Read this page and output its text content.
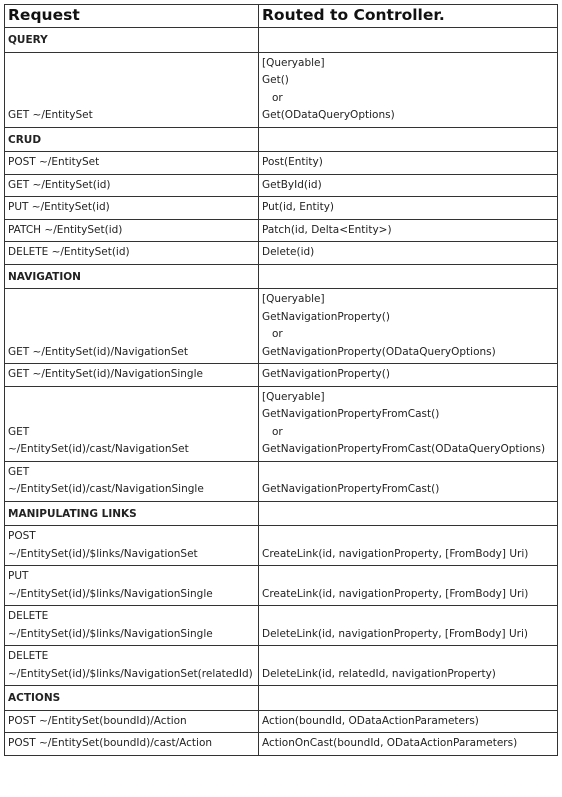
Request	Routed to Controller.
QUERY	

GET ~/EntitySet	[Queryable]
Get()
or
Get(ODataQueryOptions)

CRUD	

POST ~/EntitySet	Post(Entity)

GET ~/EntitySet(id)	GetById(id)

PUT ~/EntitySet(id)	Put(id, Entity)

PATCH ~/EntitySet(id)	Patch(id, Delta<Entity>)

DELETE ~/EntitySet(id)	Delete(id)

NAVIGATION	

GET ~/EntitySet(id)/NavigationSet	[Queryable]
GetNavigationProperty()
or
GetNavigationProperty(ODataQueryOptions)

GET ~/EntitySet(id)/NavigationSingle	GetNavigationProperty()

GET
~/EntitySet(id)/cast/NavigationSet	[Queryable]
GetNavigationPropertyFromCast()
or
GetNavigationPropertyFromCast(ODataQueryOptions)

GET
~/EntitySet(id)/cast/NavigationSingle	GetNavigationPropertyFromCast()

MANIPULATING LINKS	

POST
~/EntitySet(id)/$links/NavigationSet	CreateLink(id, navigationProperty, [FromBody] Uri)

PUT
~/EntitySet(id)/$links/NavigationSingle	CreateLink(id, navigationProperty, [FromBody] Uri)

DELETE
~/EntitySet(id)/$links/NavigationSingle	DeleteLink(id, navigationProperty, [FromBody] Uri)

DELETE
~/EntitySet(id)/$links/NavigationSet(relatedId)	DeleteLink(id, relatedId, navigationProperty)

ACTIONS	

POST ~/EntitySet(boundId)/Action	Action(boundId, ODataActionParameters)

POST ~/EntitySet(boundId)/cast/Action	ActionOnCast(boundId, ODataActionParameters)
